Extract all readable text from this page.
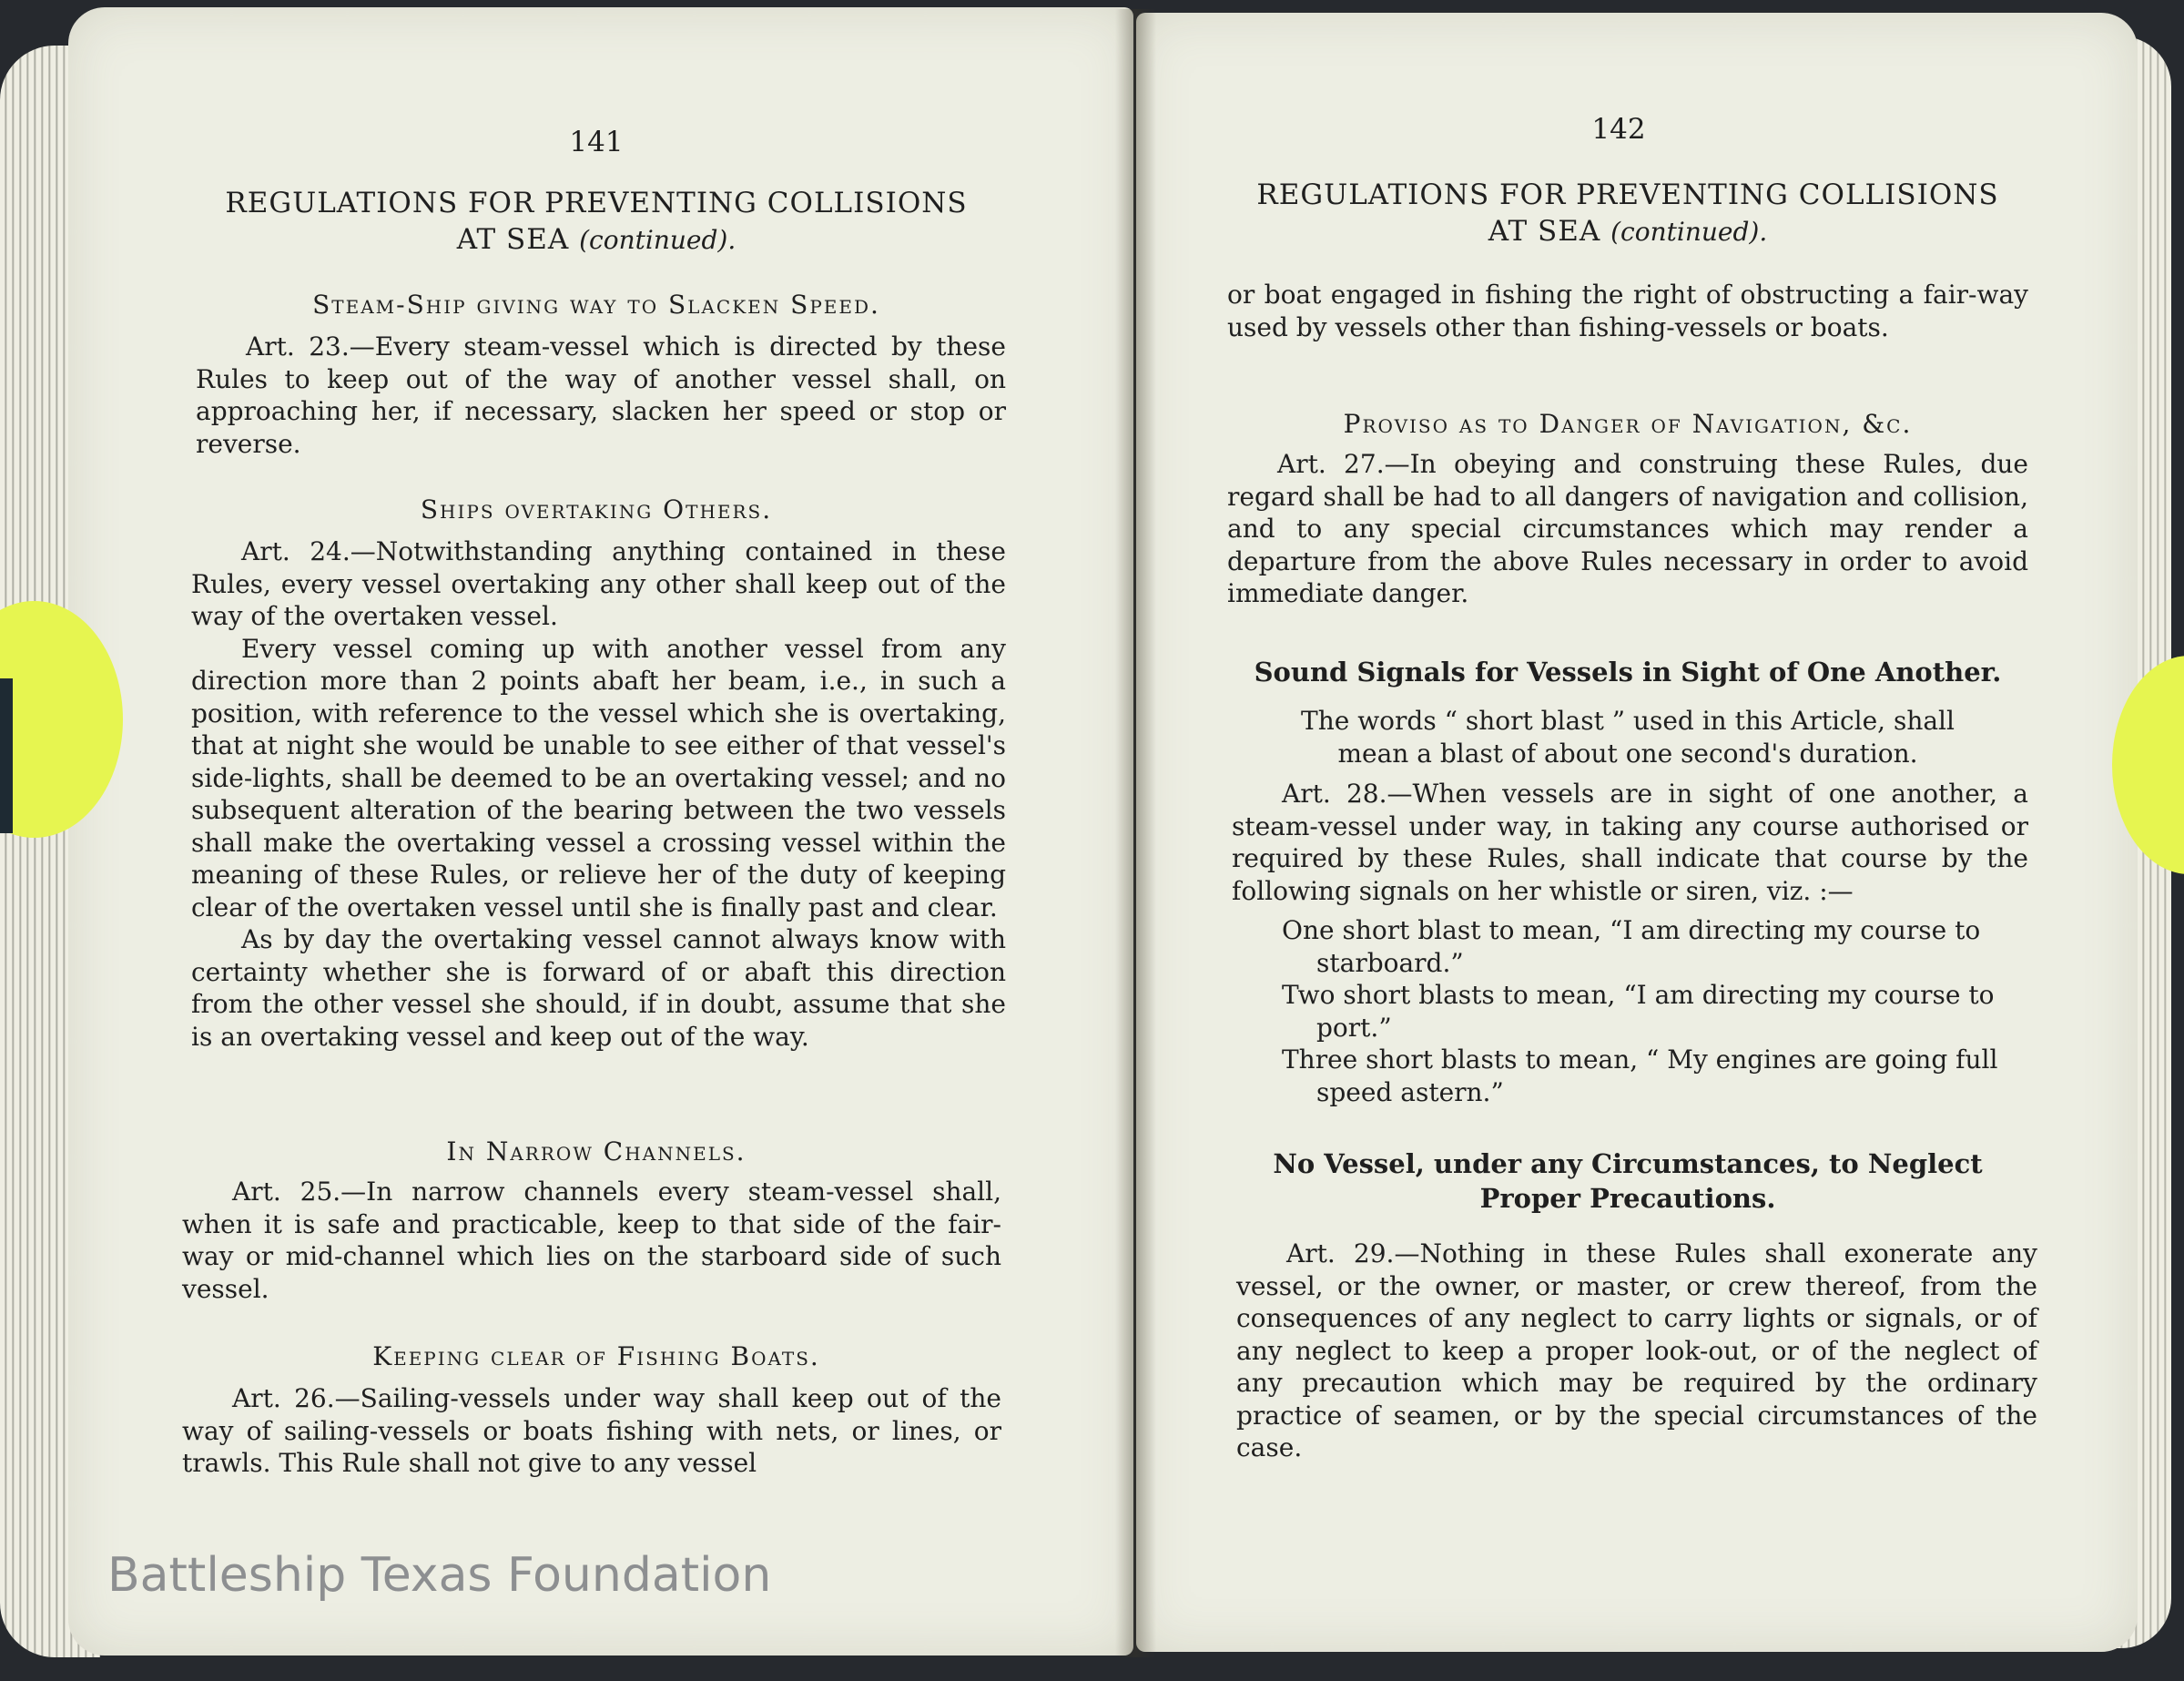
141
REGULATIONS FOR PREVENTING COLLISIONS
AT SEA (continued).
Steam-Ship giving way to Slacken Speed.

Art. 23.—Every steam-vessel which is directed by these Rules to keep out of the way of another vessel shall, on approaching her, if necessary, slacken her speed or stop or reverse.

Ships overtaking Others.

Art. 24.—Notwithstanding anything contained in these Rules, every vessel overtaking any other shall keep out of the way of the overtaken vessel.

Every vessel coming up with another vessel from any direction more than 2 points abaft her beam, i.e., in such a position, with reference to the vessel which she is overtaking, that at night she would be unable to see either of that vessel's side-lights, shall be deemed to be an overtaking vessel; and no subsequent alteration of the bearing between the two vessels shall make the overtaking vessel a crossing vessel within the meaning of these Rules, or relieve her of the duty of keeping clear of the overtaken vessel until she is finally past and clear.

As by day the overtaking vessel cannot always know with certainty whether she is forward of or abaft this direction from the other vessel she should, if in doubt, assume that she is an overtaking vessel and keep out of the way.

In Narrow Channels.

Art. 25.—In narrow channels every steam-vessel shall, when it is safe and practicable, keep to that side of the fair-way or mid-channel which lies on the starboard side of such vessel.

Keeping clear of Fishing Boats.

Art. 26.—Sailing-vessels under way shall keep out of the way of sailing-vessels or boats fishing with nets, or lines, or trawls. This Rule shall not give to any vessel

142
REGULATIONS FOR PREVENTING COLLISIONS
AT SEA (continued).
or boat engaged in fishing the right of obstructing a fair-way used by vessels other than fishing-vessels or boats.
Proviso as to Danger of Navigation, &c.

Art. 27.—In obeying and construing these Rules, due regard shall be had to all dangers of navigation and collision, and to any special circumstances which may render a departure from the above Rules necessary in order to avoid immediate danger.

Sound Signals for Vessels in Sight of One Another.
The words “ short blast ” used in this Article, shall mean a blast of about one second's duration.

Art. 28.—When vessels are in sight of one another, a steam-vessel under way, in taking any course authorised or required by these Rules, shall indicate that course by the following signals on her whistle or siren, viz. :—

One short blast to mean, “I am directing my course to starboard.”

Two short blasts to mean, “I am directing my course to port.”

Three short blasts to mean, “ My engines are going full speed astern.”

No Vessel, under any Circumstances, to Neglect
Proper Precautions.

Art. 29.—Nothing in these Rules shall exonerate any vessel, or the owner, or master, or crew thereof, from the consequences of any neglect to carry lights or signals, or of any neglect to keep a proper look-out, or of the neglect of any precaution which may be required by the ordinary practice of seamen, or by the special circumstances of the case.

Battleship Texas Foundation
